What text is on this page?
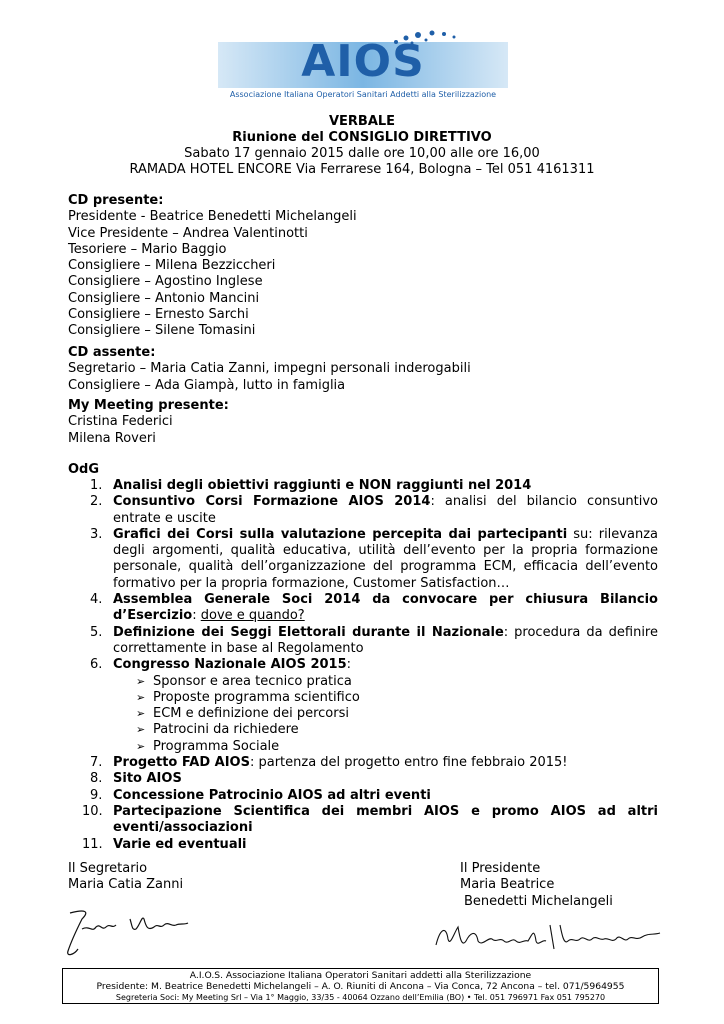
AIOS
Associazione Italiana Operatori Sanitari Addetti alla Sterilizzazione
VERBALE
Riunione del CONSIGLIO DIRETTIVO
Sabato 17 gennaio 2015 dalle ore 10,00 alle ore 16,00
RAMADA HOTEL ENCORE Via Ferrarese 164, Bologna – Tel 051 4161311
CD presente:
Presidente - Beatrice Benedetti Michelangeli
Vice Presidente – Andrea Valentinotti
Tesoriere – Mario Baggio
Consigliere – Milena Bezziccheri
Consigliere – Agostino Inglese
Consigliere – Antonio Mancini
Consigliere – Ernesto Sarchi
Consigliere – Silene Tomasini
CD assente:
Segretario – Maria Catia Zanni, impegni personali inderogabili
Consigliere – Ada Giampà, lutto in famiglia
My Meeting presente:
Cristina Federici
Milena Roveri
OdG
1. Analisi degli obiettivi raggiunti e NON raggiunti nel 2014
2. Consuntivo Corsi Formazione AIOS 2014: analisi del bilancio consuntivo entrate e uscite
3. Grafici dei Corsi sulla valutazione percepita dai partecipanti su: rilevanza degli argomenti, qualità educativa, utilità dell’evento per la propria formazione personale, qualità dell’organizzazione del programma ECM, efficacia dell’evento formativo per la propria formazione, Customer Satisfaction…
4. Assemblea Generale Soci 2014 da convocare per chiusura Bilancio d’Esercizio: dove e quando?
5. Definizione dei Seggi Elettorali durante il Nazionale: procedura da definire correttamente in base al Regolamento
6. Congresso Nazionale AIOS 2015:
➢ Sponsor e area tecnico pratica
➢ Proposte programma scientifico
➢ ECM e definizione dei percorsi
➢ Patrocini da richiedere
➢ Programma Sociale
7. Progetto FAD AIOS: partenza del progetto entro fine febbraio 2015!
8. Sito AIOS
9. Concessione Patrocinio AIOS ad altri eventi
10. Partecipazione Scientifica dei membri AIOS e promo AIOS ad altri eventi/associazioni
11. Varie ed eventuali
Il Segretario
Maria Catia Zanni
Il Presidente
Maria Beatrice
Benedetti Michelangeli
A.I.O.S. Associazione Italiana Operatori Sanitari addetti alla Sterilizzazione
Presidente: M. Beatrice Benedetti Michelangeli – A. O. Riuniti di Ancona – Via Conca, 72 Ancona – tel. 071/5964955
Segreteria Soci: My Meeting Srl – Via 1° Maggio, 33/35 - 40064 Ozzano dell’Emilia (BO) • Tel. 051 796971 Fax 051 795270
